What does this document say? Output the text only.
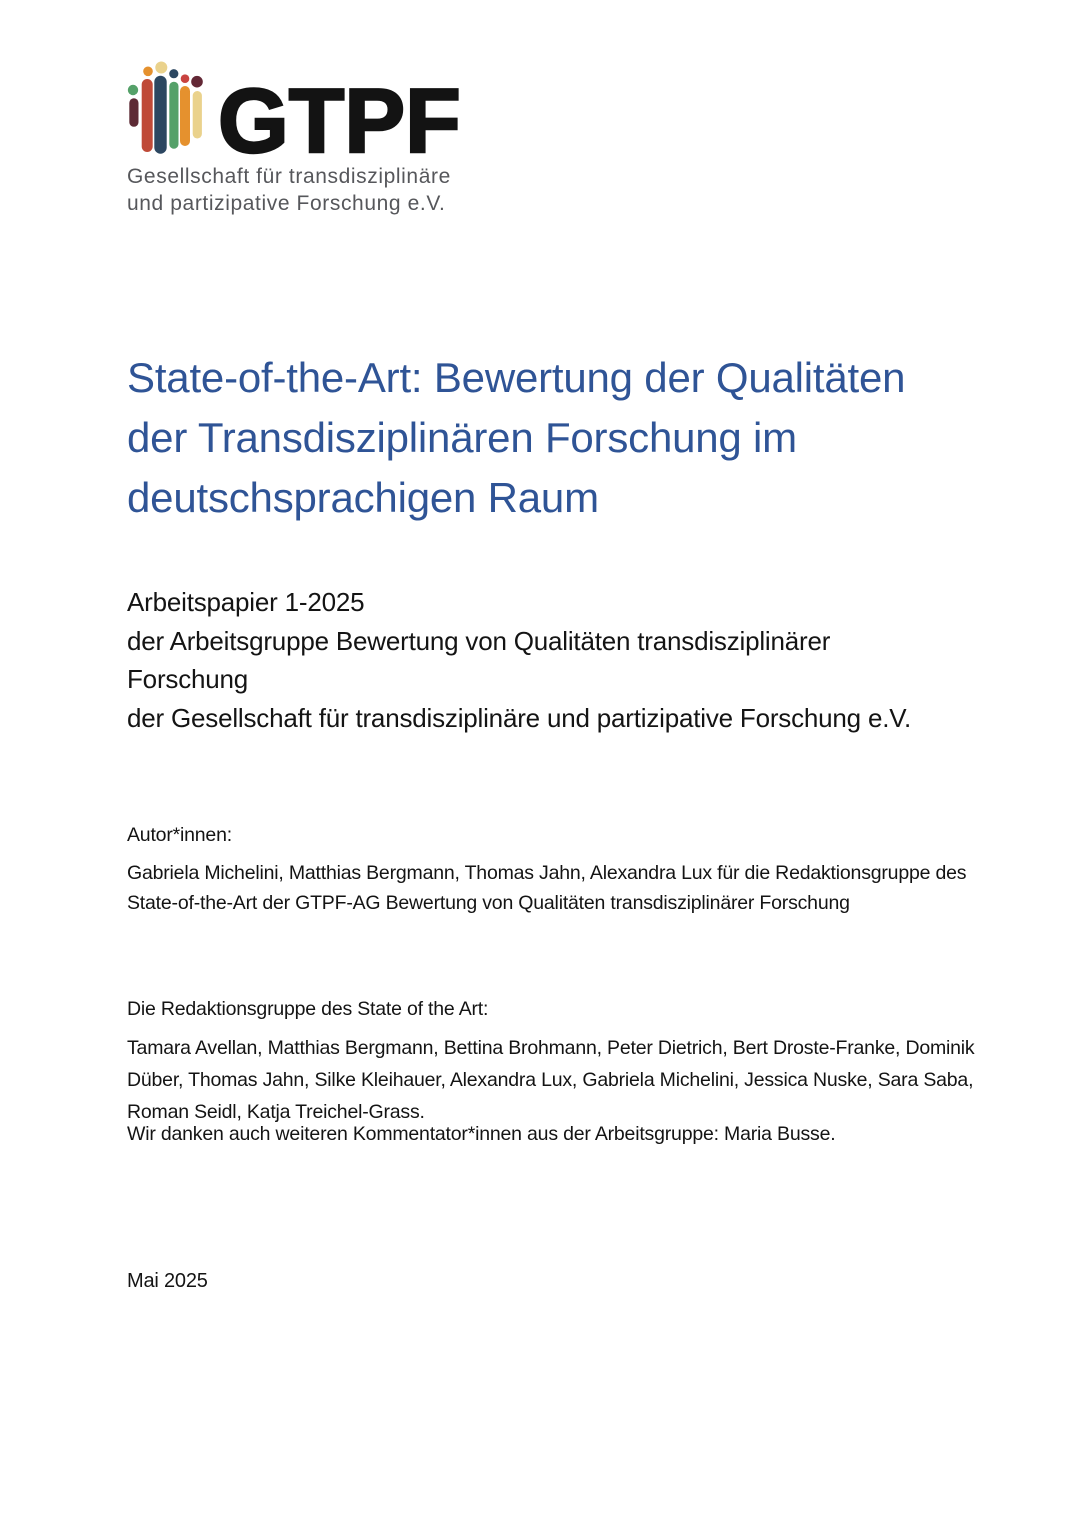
GTPF
Gesellschaft für transdisziplinäre
und partizipative Forschung e.V.
State-of-the-Art: Bewertung der Qualitäten
der Transdisziplinären Forschung im
deutschsprachigen Raum
Arbeitspapier 1-2025
der Arbeitsgruppe Bewertung von Qualitäten transdisziplinärer
Forschung
der Gesellschaft für transdisziplinäre und partizipative Forschung e.V.
Autor*innen:
Gabriela Michelini, Matthias Bergmann, Thomas Jahn, Alexandra Lux für die Redaktionsgruppe des
State-of-the-Art der GTPF-AG Bewertung von Qualitäten transdisziplinärer Forschung
Die Redaktionsgruppe des State of the Art:
Tamara Avellan, Matthias Bergmann, Bettina Brohmann, Peter Dietrich, Bert Droste-Franke, Dominik
Düber, Thomas Jahn, Silke Kleihauer, Alexandra Lux, Gabriela Michelini, Jessica Nuske, Sara Saba,
Roman Seidl, Katja Treichel-Grass.
Wir danken auch weiteren Kommentator*innen aus der Arbeitsgruppe: Maria Busse.
Mai 2025
